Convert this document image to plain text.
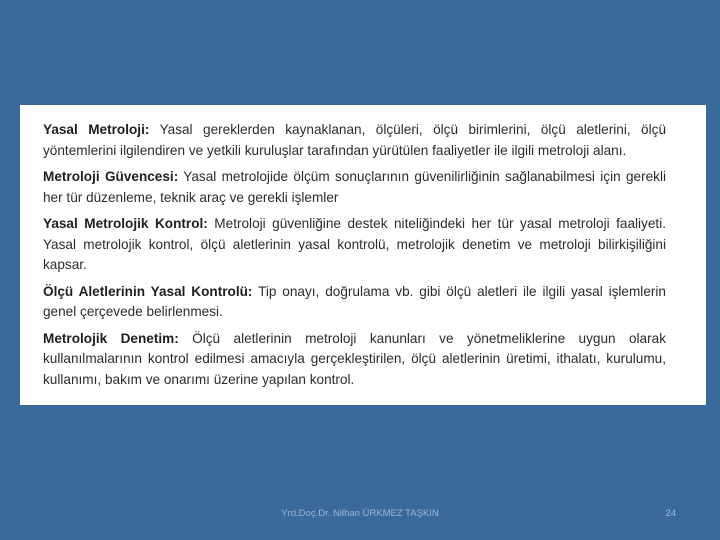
Yasal Metroloji: Yasal gereklerden kaynaklanan, ölçüleri, ölçü birimlerini, ölçü aletlerini, ölçü yöntemlerini ilgilendiren ve yetkili kuruluşlar tarafından yürütülen faaliyetler ile ilgili metroloji alanı.

Metroloji Güvencesi: Yasal metrolojide ölçüm sonuçlarının güvenilirliğinin sağlanabilmesi için gerekli her tür düzenleme, teknik araç ve gerekli işlemler

Yasal Metrolojik Kontrol: Metroloji güvenliğine destek niteliğindeki her tür yasal metroloji faaliyeti. Yasal metrolojik kontrol, ölçü aletlerinin yasal kontrolü, metrolojik denetim ve metroloji bilirkişiliğini kapsar.

Ölçü Aletlerinin Yasal Kontrolü: Tip onayı, doğrulama vb. gibi ölçü aletleri ile ilgili yasal işlemlerin genel çerçevede belirlenmesi.

Metrolojik Denetim: Ölçü aletlerinin metroloji kanunları ve yönetmeliklerine uygun olarak kullanılmalarının kontrol edilmesi amacıyla gerçekleştirilen, ölçü aletlerinin üretimi, ithalatı, kurulumu, kullanımı, bakım ve onarımı üzerine yapılan kontrol.

Yrd.Doç.Dr. Nilhan ÜRKMEZ TAŞKIN	24
